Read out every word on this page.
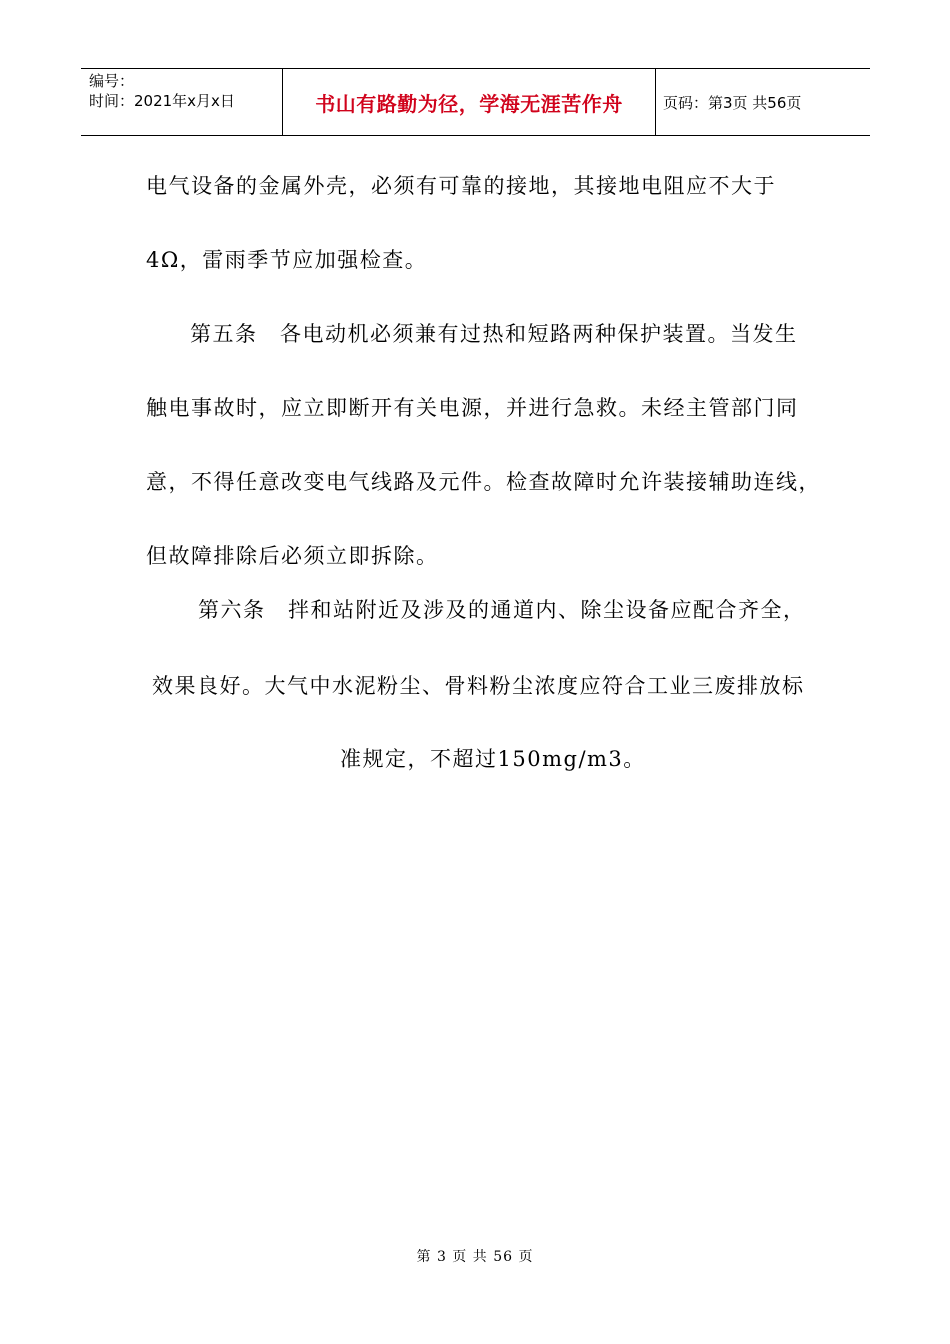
编号：
时间：2021年x月x日	书山有路勤为径，学海无涯苦作舟	页码：第3页 共56页
电气设备的金属外壳，必须有可靠的接地，其接地电阻应不大于
4Ω，雷雨季节应加强检查。
第五条　各电动机必须兼有过热和短路两种保护装置。当发生
触电事故时，应立即断开有关电源，并进行急救。未经主管部门同
意，不得任意改变电气线路及元件。检查故障时允许装接辅助连线，
但故障排除后必须立即拆除。
第六条　拌和站附近及涉及的通道内、除尘设备应配合齐全，
效果良好。大气中水泥粉尘、骨料粉尘浓度应符合工业三废排放标
准规定，不超过150mg/m3。
第 3 页 共 56 页
